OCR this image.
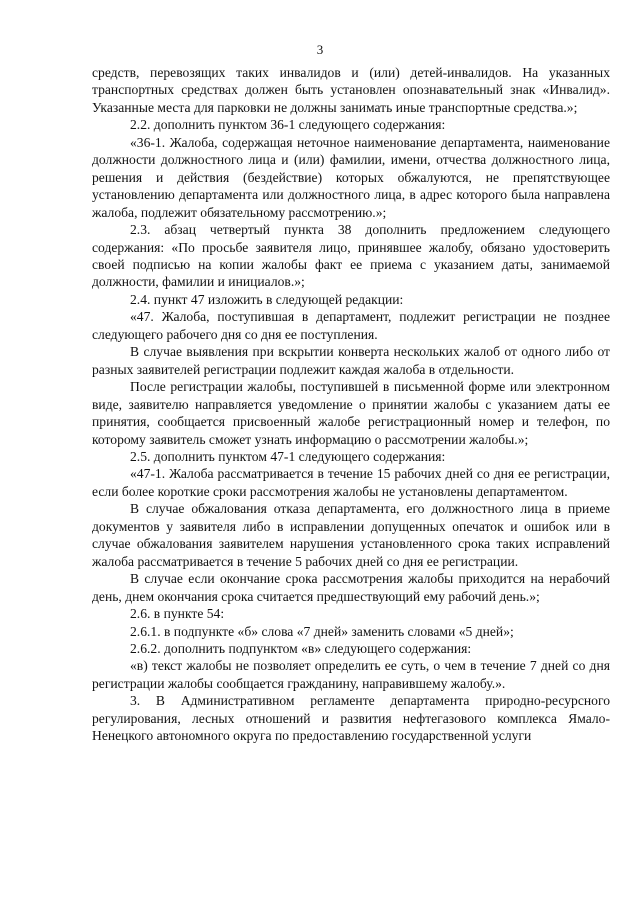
3

средств, перевозящих таких инвалидов и (или) детей-инвалидов. На указанных транспортных средствах должен быть установлен опознавательный знак «Инвалид». Указанные места для парковки не должны занимать иные транспортные средства.»;

2.2. дополнить пунктом 36-1 следующего содержания:

«36-1. Жалоба, содержащая неточное наименование департамента, наименование должности должностного лица и (или) фамилии, имени, отчества должностного лица, решения и действия (бездействие) которых обжалуются, не препятствующее установлению департамента или должностного лица, в адрес которого была направлена жалоба, подлежит обязательному рассмотрению.»;

2.3. абзац четвертый пункта 38 дополнить предложением следующего содержания: «По просьбе заявителя лицо, принявшее жалобу, обязано удостоверить своей подписью на копии жалобы факт ее приема с указанием даты, занимаемой должности, фамилии и инициалов.»;

2.4. пункт 47 изложить в следующей редакции:

«47. Жалоба, поступившая в департамент, подлежит регистрации не позднее следующего рабочего дня со дня ее поступления.

В случае выявления при вскрытии конверта нескольких жалоб от одного либо от разных заявителей регистрации подлежит каждая жалоба в отдельности.

После регистрации жалобы, поступившей в письменной форме или электронном виде, заявителю направляется уведомление о принятии жалобы с указанием даты ее принятия, сообщается присвоенный жалобе регистрационный номер и телефон, по которому заявитель сможет узнать информацию о рассмотрении жалобы.»;

2.5. дополнить пунктом 47-1 следующего содержания:

«47-1. Жалоба рассматривается в течение 15 рабочих дней со дня ее регистрации, если более короткие сроки рассмотрения жалобы не установлены департаментом.

В случае обжалования отказа департамента, его должностного лица в приеме документов у заявителя либо в исправлении допущенных опечаток и ошибок или в случае обжалования заявителем нарушения установленного срока таких исправлений жалоба рассматривается в течение 5 рабочих дней со дня ее регистрации.

В случае если окончание срока рассмотрения жалобы приходится на нерабочий день, днем окончания срока считается предшествующий ему рабочий день.»;

2.6. в пункте 54:

2.6.1. в подпункте «б» слова «7 дней» заменить словами «5 дней»;

2.6.2. дополнить подпунктом «в» следующего содержания:

«в) текст жалобы не позволяет определить ее суть, о чем в течение 7 дней со дня регистрации жалобы сообщается гражданину, направившему жалобу.».

3. В Административном регламенте департамента природно-ресурсного регулирования, лесных отношений и развития нефтегазового комплекса Ямало-Ненецкого автономного округа по предоставлению государственной услуги
